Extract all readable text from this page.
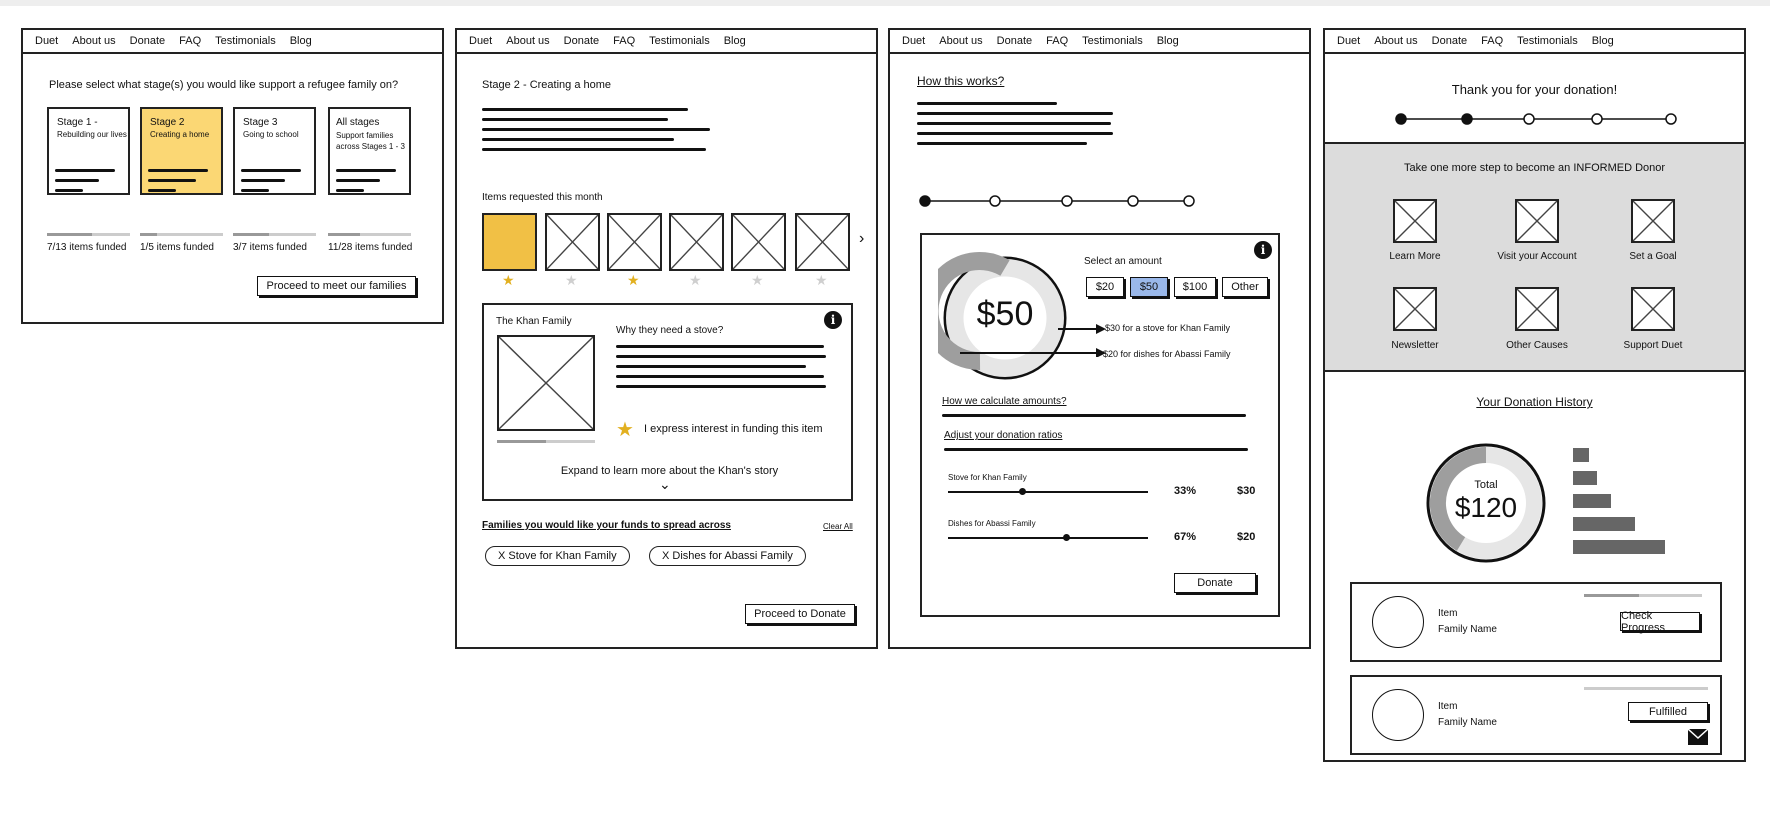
Duet About us Donate FAQ Testimonials Blog
Please select what stage(s) you would like support a refugee family on?
Stage 1 -
Rebuilding our lives
Stage 2
Creating a home
Stage 3
Going to school
All stages
Support families across Stages 1 - 3
7/13 items funded 1/5 items funded 3/7 items funded 11/28 items funded
Proceed to meet our families
Duet About us Donate FAQ Testimonials Blog
Stage 2 - Creating a home
Items requested this month
›
★	★	★	★	★	★
The Khan Family	i
Why they need a stove?
★ I express interest in funding this item
Expand to learn more about the Khan's story
⌄
Families you would like your funds to spread across	Clear All
X Stove for Khan Family	X Dishes for Abassi Family
Proceed to Donate
Duet About us Donate FAQ Testimonials Blog
How this works?
i
$50
Select an amount
$20	$50	$100	Other
$30 for a stove for Khan Family
$20 for dishes for Abassi Family
How we calculate amounts?
Adjust your donation ratios
Stove for Khan Family
33%	$30
Dishes for Abassi Family
67%	$20
Donate
Duet About us Donate FAQ Testimonials Blog
Thank you for your donation!
Take one more step to become an INFORMED Donor
Learn More	Visit your Account	Set a Goal
Newsletter	Other Causes	Support Duet
Your Donation History
Total
$120
Item
Family Name
Check Progress
Item
Family Name
Fulfilled
